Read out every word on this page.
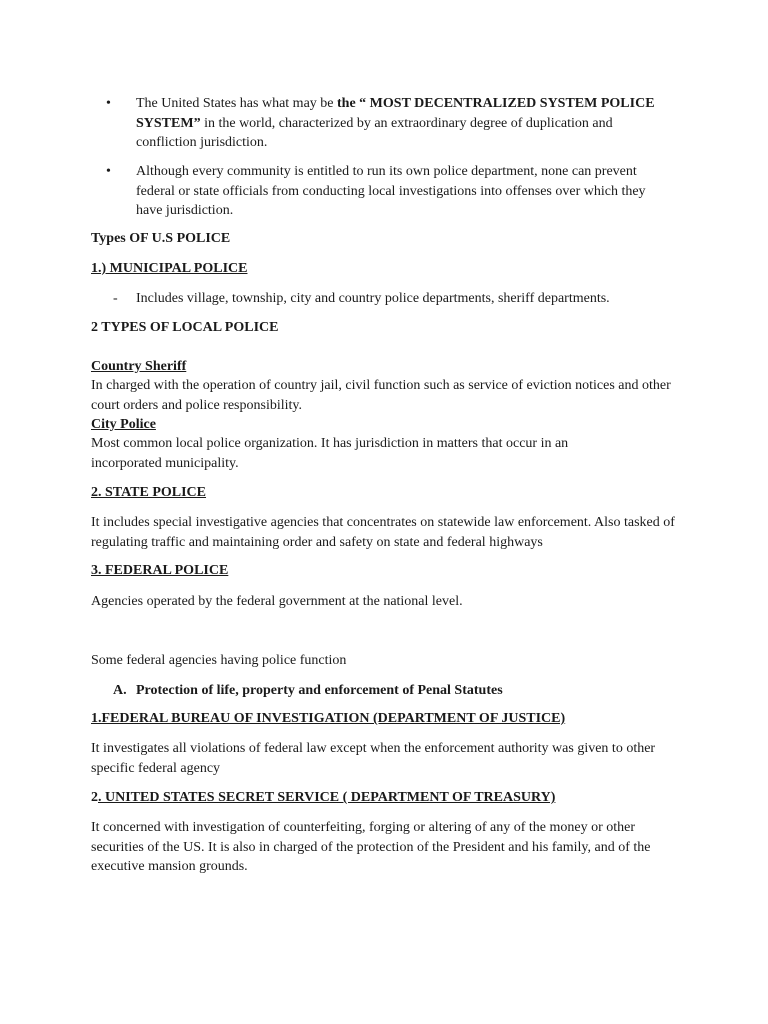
• The United States has what may be the “ MOST DECENTRALIZED SYSTEM POLICE SYSTEM” in the world, characterized by an extraordinary degree of duplication and confliction jurisdiction.
• Although every community is entitled to run its own police department, none can prevent federal or state officials from conducting local investigations into offenses over which they have jurisdiction.
Types OF U.S POLICE
1.) MUNICIPAL POLICE
- Includes village, township, city and country police departments, sheriff departments.
2 TYPES OF LOCAL POLICE
Country Sheriff
In charged with the operation of country jail, civil function such as service of eviction notices and other court orders and police responsibility.
City Police
Most common local police organization. It has jurisdiction in matters that occur in an incorporated municipality.
2. STATE POLICE
It includes special investigative agencies that concentrates on statewide law enforcement. Also tasked of regulating traffic and maintaining order and safety on state and federal highways
3. FEDERAL POLICE
Agencies operated by the federal government at the national level.
Some federal agencies having police function
A. Protection of life, property and enforcement of Penal Statutes
1.FEDERAL BUREAU OF INVESTIGATION (DEPARTMENT OF JUSTICE)
It investigates all violations of federal law except when the enforcement authority was given to other specific federal agency
2. UNITED STATES SECRET SERVICE ( DEPARTMENT OF TREASURY)
It concerned with investigation of counterfeiting, forging or altering of any of the money or other securities of the US. It is also in charged of the protection of the President and his family, and of the executive mansion grounds.
